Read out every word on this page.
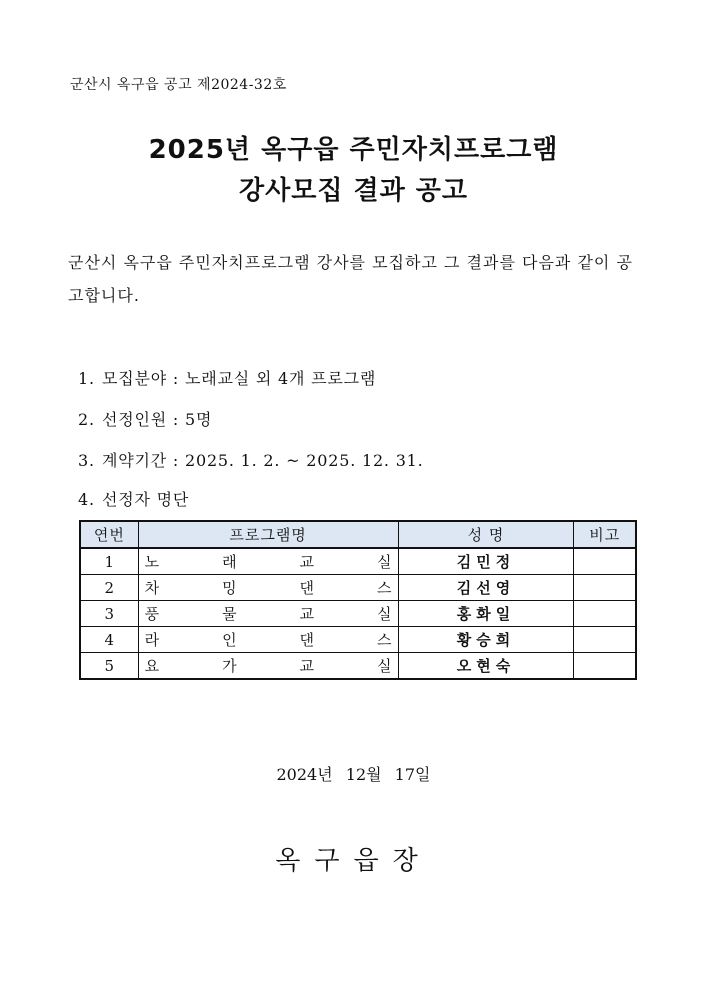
군산시 옥구읍 공고 제2024-32호
2025년 옥구읍 주민자치프로그램
강사모집 결과 공고
군산시 옥구읍 주민자치프로그램 강사를 모집하고 그 결과를 다음과 같이 공고합니다.
1. 모집분야 : 노래교실 외 4개 프로그램
2. 선정인원 : 5명
3. 계약기간 : 2025. 1. 2. ~ 2025. 12. 31.
4. 선정자 명단
연번	프로그램명	성 명	비고
1	노 래 교 실	김민정	
2	차 밍 댄 스	김선영	
3	풍 물 교 실	홍화일	
4	라 인 댄 스	황승희	
5	요 가 교 실	오현숙	
2024년 12월 17일
옥구읍장
